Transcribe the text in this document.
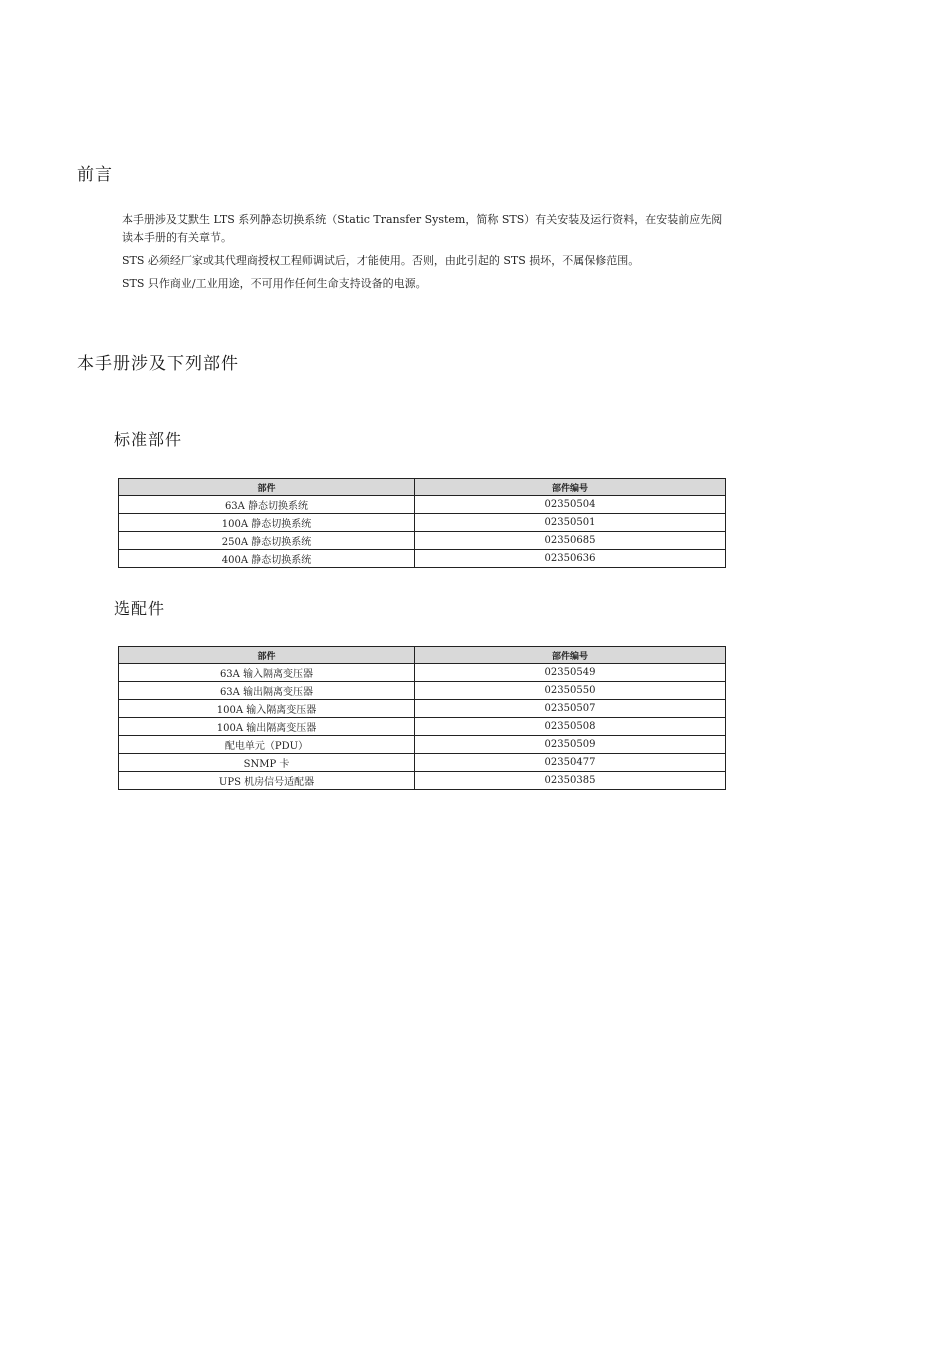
前言

本手册涉及艾默生 LTS 系列静态切换系统（Static Transfer System，简称 STS）有关安装及运行资料，在安装前应先阅读本手册的有关章节。

STS 必须经厂家或其代理商授权工程师调试后，才能使用。否则，由此引起的 STS 损坏，不属保修范围。

STS 只作商业/工业用途，不可用作任何生命支持设备的电源。

本手册涉及下列部件
标准部件
部件	部件编号
63A 静态切换系统	02350504
100A 静态切换系统	02350501
250A 静态切换系统	02350685
400A 静态切换系统	02350636
选配件
部件	部件编号
63A 输入隔离变压器	02350549
63A 输出隔离变压器	02350550
100A 输入隔离变压器	02350507
100A 输出隔离变压器	02350508
配电单元（PDU）	02350509
SNMP 卡	02350477
UPS 机房信号适配器	02350385
